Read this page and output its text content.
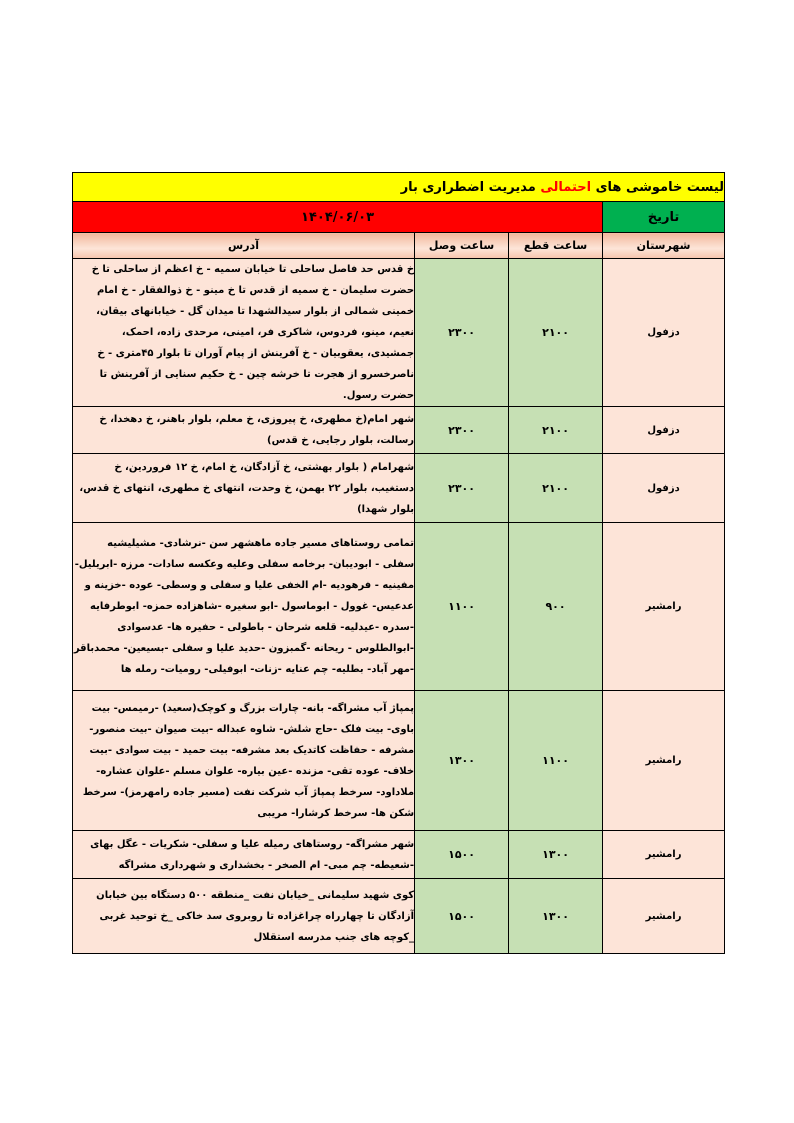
لیست خاموشی های احتمالی مدیریت اضطراری بار			
تاریخ	۱۴۰۴/۰۶/۰۳		
شهرستان	ساعت قطع	ساعت وصل	آدرس
دزفول	۲۱۰۰	۲۳۰۰	خ قدس حد فاصل ساحلی تا خیابان سمیه - خ اعظم از ساحلی تا خ حضرت سلیمان - خ سمیه از قدس تا خ مینو - خ ذوالفقار - خ امام خمینی شمالی از بلوار سیدالشهدا تا میدان گل - خیابانهای بیقان، نعیم، مینو، فردوس، شاکری فر، امینی، مرحدی زاده، احمک، جمشیدی، یعقوبیان - خ آفرینش از پیام آوران تا بلوار ۴۵متری - خ ناصرخسرو از هجرت تا خرشه چین - خ حکیم سنایی از آفرینش تا حضرت رسول.
دزفول	۲۱۰۰	۲۳۰۰	شهر امام(خ مطهری، خ پیروزی، خ معلم، بلوار باهنر، خ دهخدا، خ رسالت، بلوار رجایی، خ قدس)
دزفول	۲۱۰۰	۲۳۰۰	شهرامام ( بلوار بهشتی، خ آزادگان، خ امام، خ ۱۲ فروردین، خ دستغیب، بلوار ۲۲ بهمن، خ وحدت، انتهای خ مطهری، انتهای خ قدس، بلوار شهدا)
رامشیر	۹۰۰	۱۱۰۰	تمامی روستاهای مسیر جاده ماهشهر سن -نرشادی- مشیلیشیه سفلی - ابودیبان- برخامه سفلی وعلیه وعکسه سادات- مرزه -ابریلیل- مفینیه - فرهودیه -ام الخفی علیا و سفلی و وسطی- عوده -خزینه و عدعیس- غوول - ابوماسول -ابو سغیره -شاهزاده حمزه- ابوطرفایه -سدره -عیدلیه- قلعه شرحان - باطولی - حفیره ها- عدسوادی -ابوالطلوس - ریحانه -گمبزون -حدید علیا و سفلی -بسیعین- محمدباقر -مهر آباد- بطلیه- چم عنایه -زنات- ابوفیلی- رومیات- رمله ها
رامشیر	۱۱۰۰	۱۳۰۰	پمپاژ آب مشراگه- بانه- چارات بزرگ و کوچک(سعید) -رمیمس- بیت باوی- بیت فلک -حاج شلش- شاوه عبداله -بیت صیوان -بیت منصور- مشرفه - حفاظت کاتدیک بعد مشرفه- بیت حمید - بیت سوادی -بیت خلاف- عوده تقی- مزنده -عین بیاره- علوان مسلم -علوان عشاره- ملاداود- سرخط پمپاژ آب شرکت نفت (مسیر جاده رامهرمز)- سرخط شکن ها- سرخط کرشارا- مریبی
رامشیر	۱۳۰۰	۱۵۰۰	شهر مشراگه- روستاهای رمیله علیا و سفلی- شکریات - عگل بهای -شعیطه- چم مبی- ام الصخر - بخشداری و شهرداری مشراگه
رامشیر	۱۳۰۰	۱۵۰۰	کوی شهید سلیمانی _خیابان نفت _منطقه ۵۰۰ دستگاه بین خیابان آزادگان تا چهارراه چراغزاده تا روبروی سد خاکی _خ توحید غربی _کوچه های جنب مدرسه استقلال
